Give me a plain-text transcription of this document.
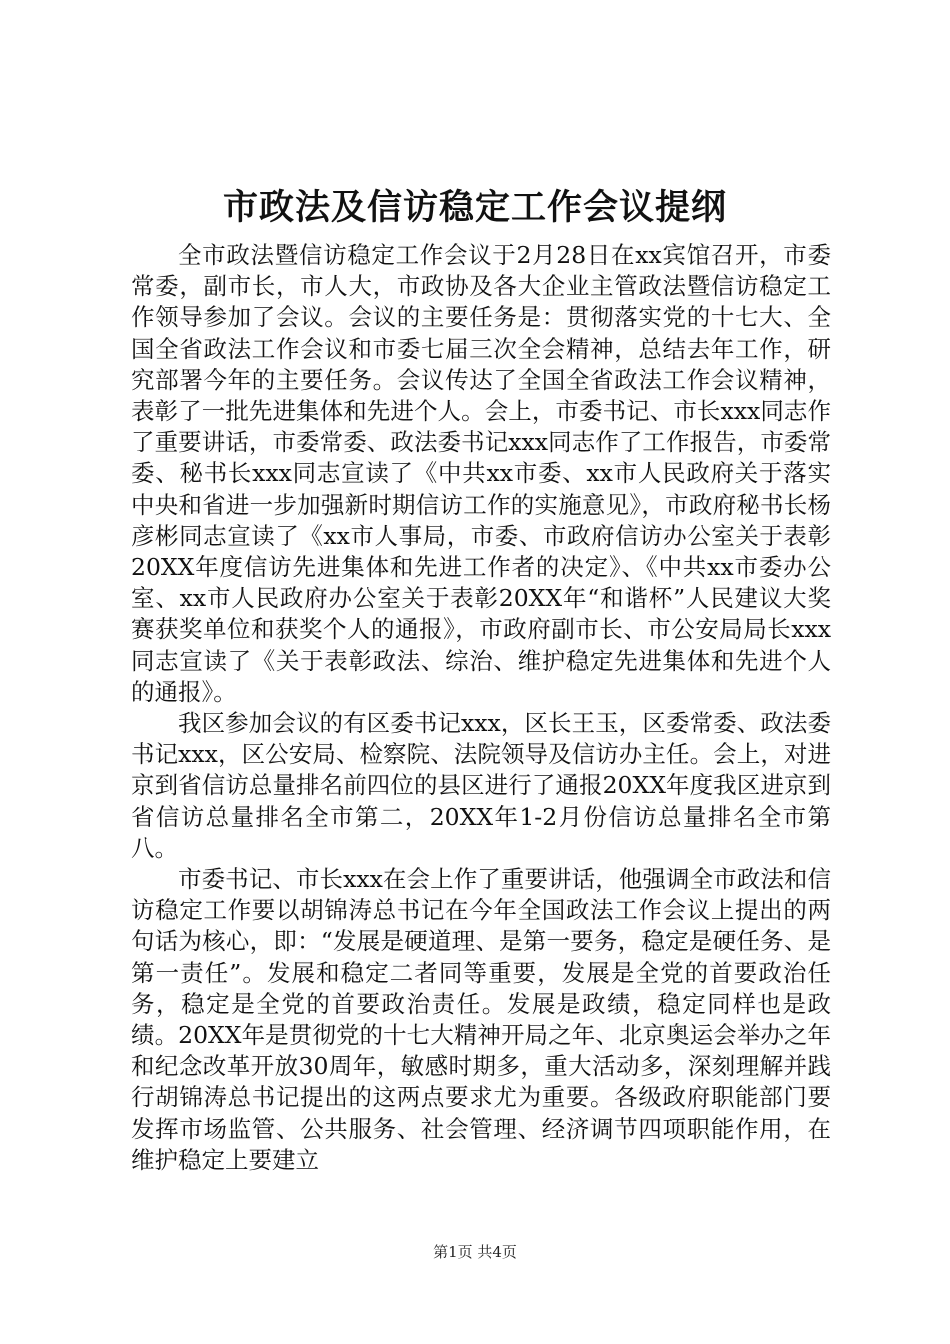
市政法及信访稳定工作会议提纲

全市政法暨信访稳定工作会议于2月28日在xx宾馆召开，市委常委，副市长，市人大，市政协及各大企业主管政法暨信访稳定工作领导参加了会议。会议的主要任务是：贯彻落实党的十七大、全国全省政法工作会议和市委七届三次全会精神，总结去年工作，研究部署今年的主要任务。会议传达了全国全省政法工作会议精神，表彰了一批先进集体和先进个人。会上，市委书记、市长xxx同志作了重要讲话，市委常委、政法委书记xxx同志作了工作报告，市委常委、秘书长xxx同志宣读了《中共xx市委、xx市人民政府关于落实中央和省进一步加强新时期信访工作的实施意见》，市政府秘书长杨彦彬同志宣读了《xx市人事局，市委、市政府信访办公室关于表彰20XX年度信访先进集体和先进工作者的决定》、《中共xx市委办公室、xx市人民政府办公室关于表彰20XX年“和谐杯”人民建议大奖赛获奖单位和获奖个人的通报》，市政府副市长、市公安局局长xxx同志宣读了《关于表彰政法、综治、维护稳定先进集体和先进个人的通报》。

我区参加会议的有区委书记xxx，区长王玉，区委常委、政法委书记xxx，区公安局、检察院、法院领导及信访办主任。会上，对进京到省信访总量排名前四位的县区进行了通报20XX年度我区进京到省信访总量排名全市第二，20XX年1-2月份信访总量排名全市第八。

市委书记、市长xxx在会上作了重要讲话，他强调全市政法和信访稳定工作要以胡锦涛总书记在今年全国政法工作会议上提出的两句话为核心，即：“发展是硬道理、是第一要务，稳定是硬任务、是第一责任”。发展和稳定二者同等重要，发展是全党的首要政治任务，稳定是全党的首要政治责任。发展是政绩，稳定同样也是政绩。20XX年是贯彻党的十七大精神开局之年、北京奥运会举办之年和纪念改革开放30周年，敏感时期多，重大活动多，深刻理解并践行胡锦涛总书记提出的这两点要求尤为重要。各级政府职能部门要发挥市场监管、公共服务、社会管理、经济调节四项职能作用，在维护稳定上要建立

第1页 共4页
